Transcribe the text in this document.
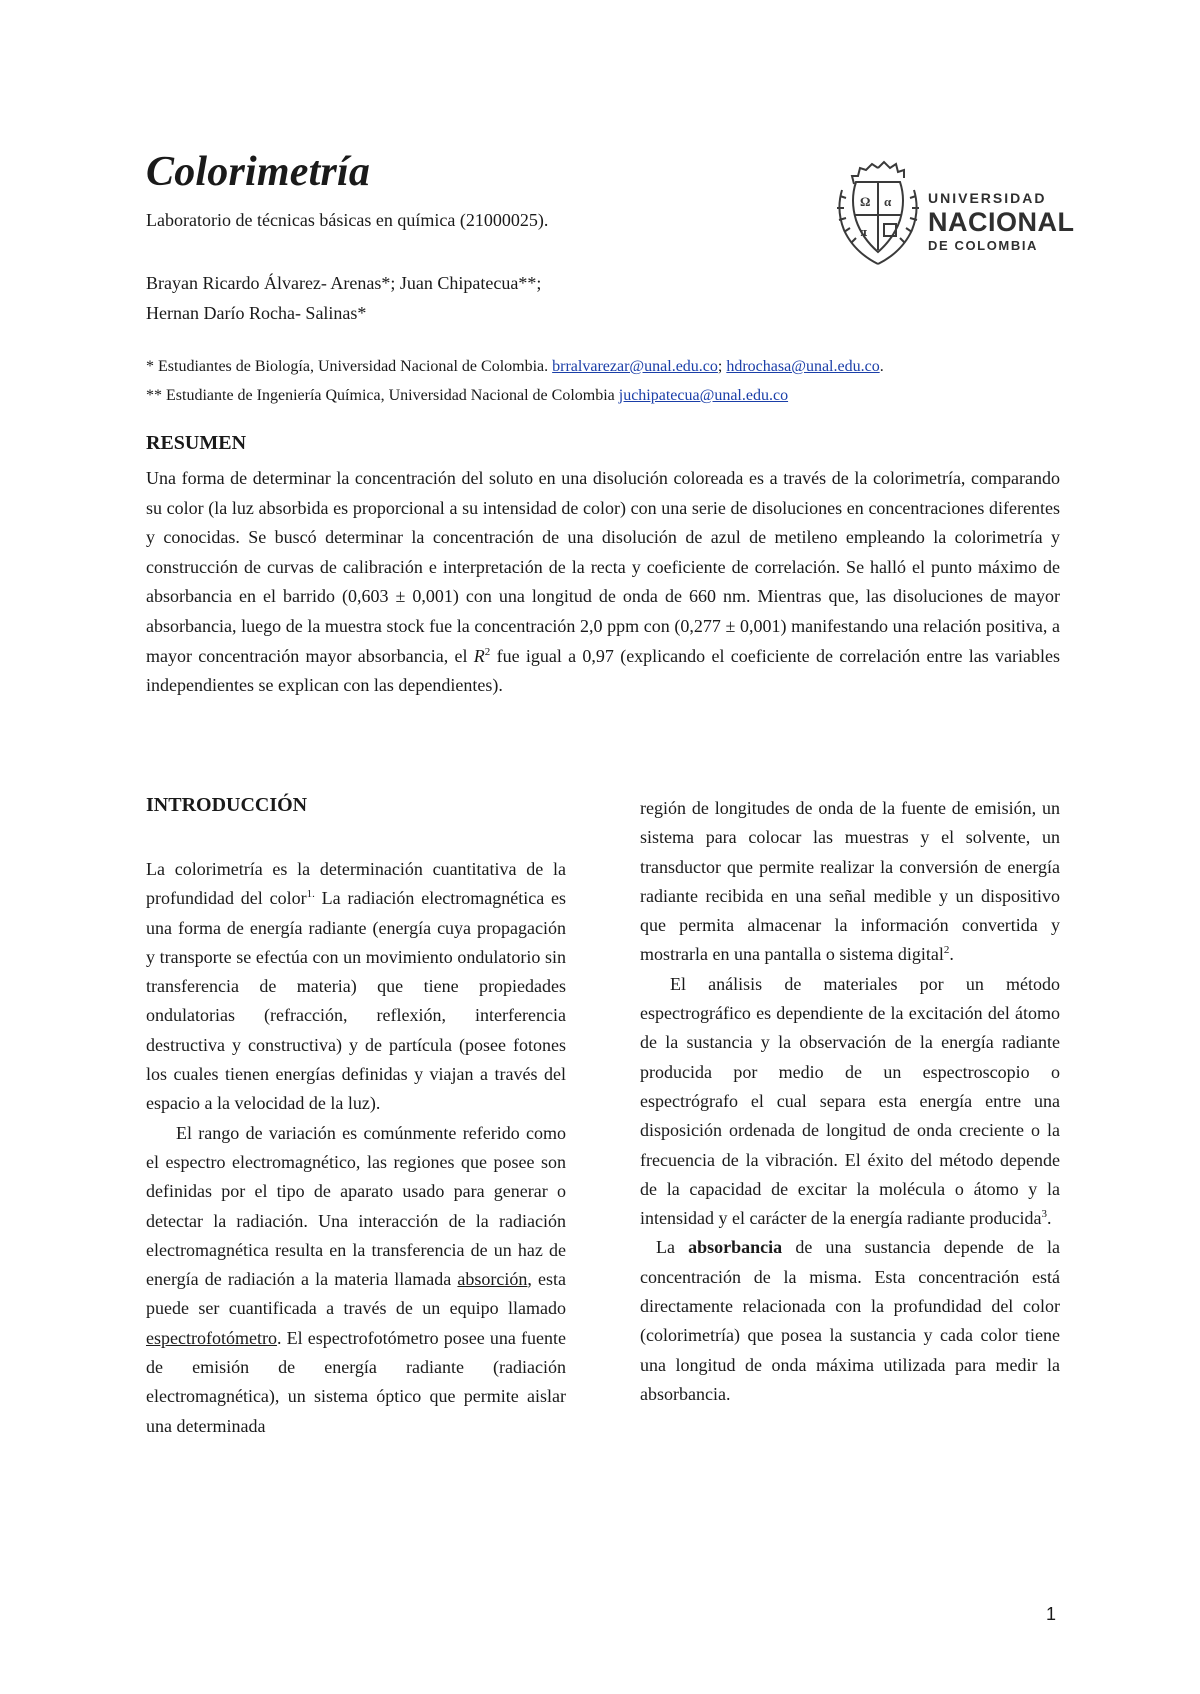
Colorimetría
Laboratorio de técnicas básicas en química (21000025).
Brayan Ricardo Álvarez- Arenas*; Juan Chipatecua**;
Hernan Darío Rocha- Salinas*
* Estudiantes de Biología, Universidad Nacional de Colombia. brralvarezar@unal.edu.co; hdrochasa@unal.edu.co.
** Estudiante de Ingeniería Química, Universidad Nacional de Colombia juchipatecua@unal.edu.co
Ω α
π
UNIVERSIDAD
NACIONAL
DE COLOMBIA
RESUMEN

Una forma de determinar la concentración del soluto en una disolución coloreada es a través de la colorimetría, comparando su color (la luz absorbida es proporcional a su intensidad de color) con una serie de disoluciones en concentraciones diferentes y conocidas. Se buscó determinar la concentración de una disolución de azul de metileno empleando la colorimetría y construcción de curvas de calibración e interpretación de la recta y coeficiente de correlación. Se halló el punto máximo de absorbancia en el barrido (0,603 ± 0,001) con una longitud de onda de 660 nm. Mientras que, las disoluciones de mayor absorbancia, luego de la muestra stock fue la concentración 2,0 ppm con (0,277 ± 0,001) manifestando una relación positiva, a mayor concentración mayor absorbancia, el $R^2$ fue igual a 0,97 (explicando el coeficiente de correlación entre las variables independientes se explican con las dependientes).

INTRODUCCIÓN

La colorimetría es la determinación cuantitativa de la profundidad del color$^{1.}$ La radiación electromagnética es una forma de energía radiante (energía cuya propagación y transporte se efectúa con un movimiento ondulatorio sin transferencia de materia) que tiene propiedades ondulatorias (refracción, reflexión, interferencia destructiva y constructiva) y de partícula (posee fotones los cuales tienen energías definidas y viajan a través del espacio a la velocidad de la luz).

El rango de variación es comúnmente referido como el espectro electromagnético, las regiones que posee son definidas por el tipo de aparato usado para generar o detectar la radiación. Una interacción de la radiación electromagnética resulta en la transferencia de un haz de energía de radiación a la materia llamada absorción, esta puede ser cuantificada a través de un equipo llamado espectrofotómetro. El espectrofotómetro posee una fuente de emisión de energía radiante (radiación electromagnética), un sistema óptico que permite aislar una determinada

región de longitudes de onda de la fuente de emisión, un sistema para colocar las muestras y el solvente, un transductor que permite realizar la conversión de energía radiante recibida en una señal medible y un dispositivo que permita almacenar la información convertida y mostrarla en una pantalla o sistema digital$^2$.

El análisis de materiales por un método espectrográfico es dependiente de la excitación del átomo de la sustancia y la observación de la energía radiante producida por medio de un espectroscopio o espectrógrafo el cual separa esta energía entre una disposición ordenada de longitud de onda creciente o la frecuencia de la vibración. El éxito del método depende de la capacidad de excitar la molécula o átomo y la intensidad y el carácter de la energía radiante producida$^3$.

La absorbancia de una sustancia depende de la concentración de la misma. Esta concentración está directamente relacionada con la profundidad del color (colorimetría) que posea la sustancia y cada color tiene una longitud de onda máxima utilizada para medir la absorbancia.

1
